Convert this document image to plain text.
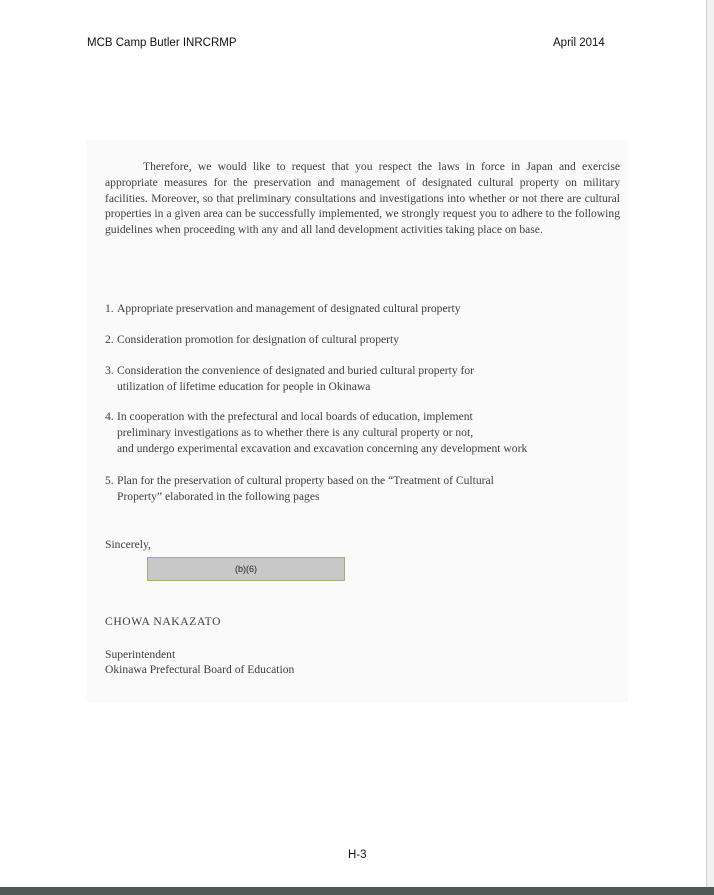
MCB Camp Butler INRCRMP	April 2014

Therefore, we would like to request that you respect the laws in force in Japan and exercise appropriate measures for the preservation and management of designated cultural property on military facilities. Moreover, so that preliminary consultations and investigations into whether or not there are cultural properties in a given area can be successfully implemented, we strongly request you to adhere to the following guidelines when proceeding with any and all land development activities taking place on base.

1. Appropriate preservation and management of designated cultural property
2. Consideration promotion for designation of cultural property
3. Consideration the convenience of designated and buried cultural property for
utilization of lifetime education for people in Okinawa
4. In cooperation with the prefectural and local boards of education, implement
preliminary investigations as to whether there is any cultural property or not,
and undergo experimental excavation and excavation concerning any development work
5. Plan for the preservation of cultural property based on the “Treatment of Cultural
Property” elaborated in the following pages
Sincerely,
CHOWA NAKAZATO
Superintendent
Okinawa Prefectural Board of Education
(b)(6)
H-3
